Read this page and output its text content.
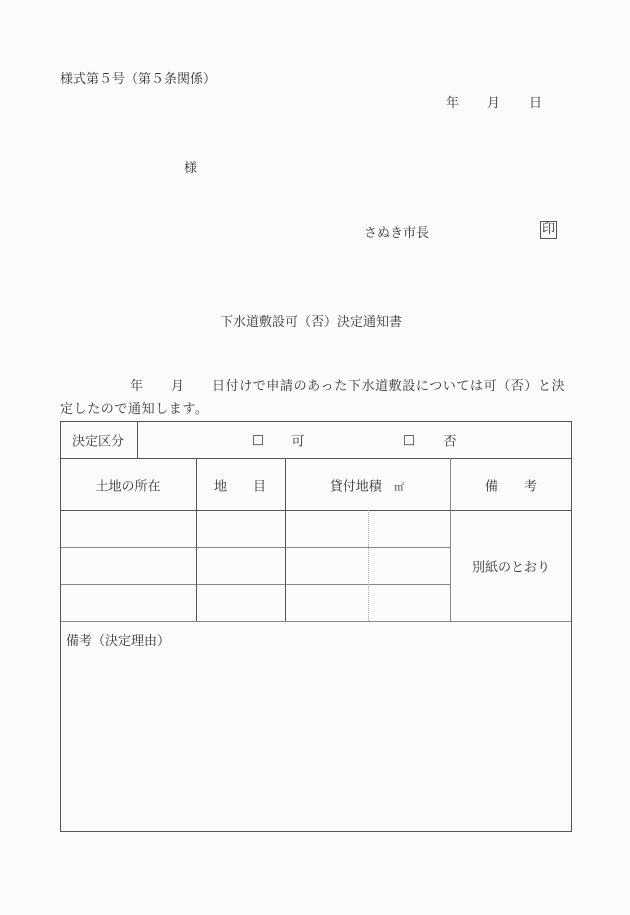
様式第５号（第５条関係）
年 月 日
様
さぬき市長	印
下水道敷設可（否）決定通知書
年 月 日付けで申請のあった下水道敷設については可（否）と決
定したので通知します。
決定区分	□ 可	□ 否
土地の所在	地　　目	貸付地積 ㎡	備　　考
別紙のとおり
備考（決定理由）
